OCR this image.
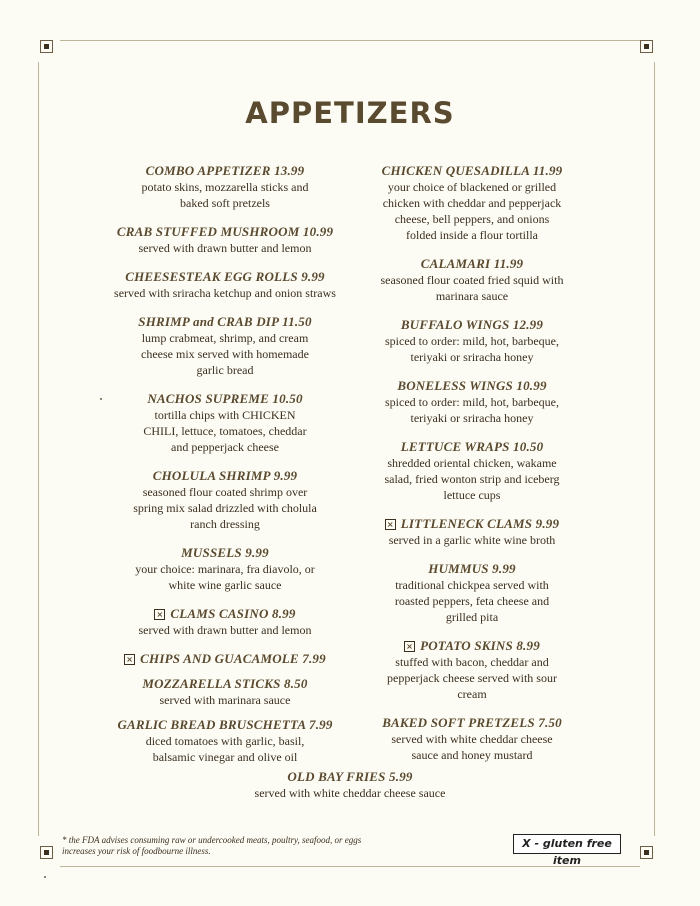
APPETIZERS
COMBO APPETIZER 13.99
potato skins, mozzarella sticks and
baked soft pretzels
CRAB STUFFED MUSHROOM 10.99
served with drawn butter and lemon
CHEESESTEAK EGG ROLLS 9.99
served with sriracha ketchup and onion straws
SHRIMP and CRAB DIP 11.50
lump crabmeat, shrimp, and cream
cheese mix served with homemade
garlic bread
NACHOS SUPREME 10.50
tortilla chips with CHICKEN
CHILI, lettuce, tomatoes, cheddar
and pepperjack cheese
CHOLULA SHRIMP 9.99
seasoned flour coated shrimp over
spring mix salad drizzled with cholula
ranch dressing
MUSSELS 9.99
your choice: marinara, fra diavolo, or
white wine garlic sauce
× CLAMS CASINO 8.99
served with drawn butter and lemon
× CHIPS AND GUACAMOLE 7.99
MOZZARELLA STICKS 8.50
served with marinara sauce
GARLIC BREAD BRUSCHETTA 7.99
diced tomatoes with garlic, basil,
balsamic vinegar and olive oil
CHICKEN QUESADILLA 11.99
your choice of blackened or grilled
chicken with cheddar and pepperjack
cheese, bell peppers, and onions
folded inside a flour tortilla
CALAMARI 11.99
seasoned flour coated fried squid with
marinara sauce
BUFFALO WINGS 12.99
spiced to order: mild, hot, barbeque,
teriyaki or sriracha honey
BONELESS WINGS 10.99
spiced to order: mild, hot, barbeque,
teriyaki or sriracha honey
LETTUCE WRAPS 10.50
shredded oriental chicken, wakame
salad, fried wonton strip and iceberg
lettuce cups
× LITTLENECK CLAMS 9.99
served in a garlic white wine broth
HUMMUS 9.99
traditional chickpea served with
roasted peppers, feta cheese and
grilled pita
× POTATO SKINS 8.99
stuffed with bacon, cheddar and
pepperjack cheese served with sour
cream
BAKED SOFT PRETZELS 7.50
served with white cheddar cheese
sauce and honey mustard
OLD BAY FRIES 5.99
served with white cheddar cheese sauce
* the FDA advises consuming raw or undercooked meats, poultry, seafood, or eggs
increases your risk of foodbourne illness.
X - gluten free item
